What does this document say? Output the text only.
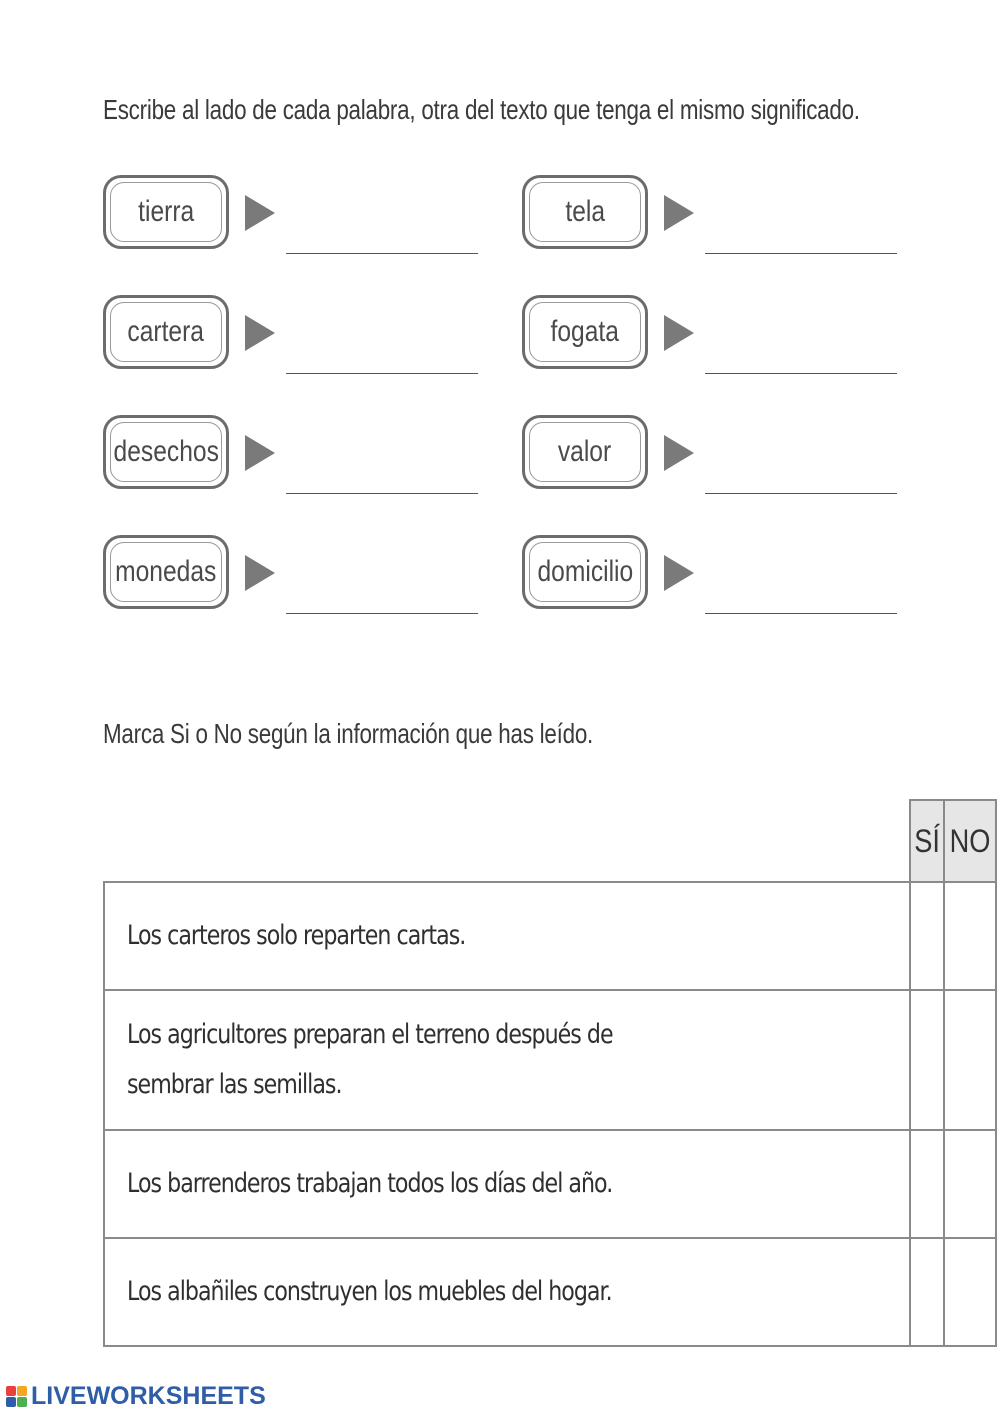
Escribe al lado de cada palabra, otra del texto que tenga el mismo significado.
tierra
cartera
desechos
monedas
tela
fogata
valor
domicilio
Marca Si o No según la información que has leído.
	SÍ	NO
Los carteros solo reparten cartas.		
Los agricultores preparan el terreno después de sembrar las semillas.		
Los barrenderos trabajan todos los días del año.		
Los albañiles construyen los muebles del hogar.		
LIVEWORKSHEETS
